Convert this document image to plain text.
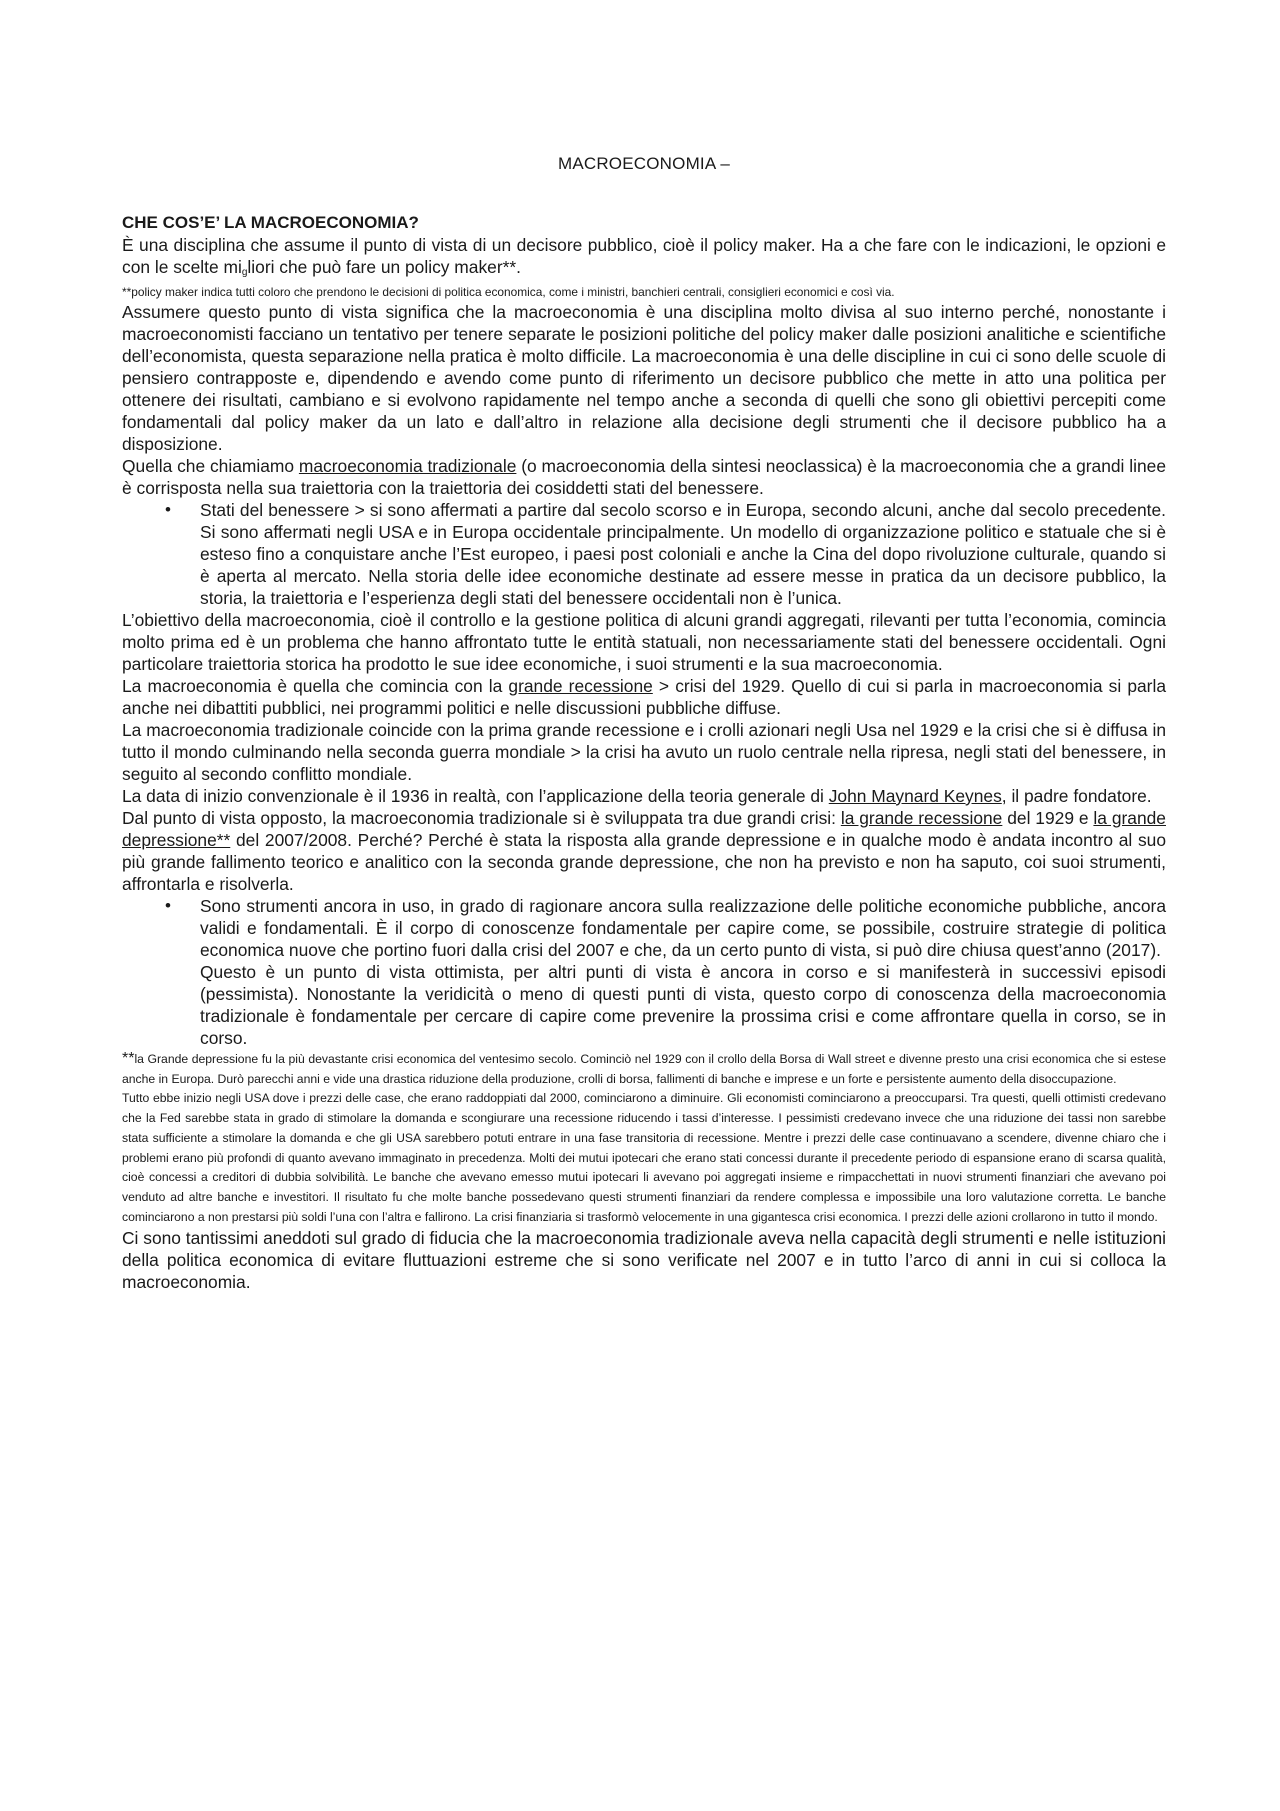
MACROECONOMIA –
CHE COS’E’ LA MACROECONOMIA?

È una disciplina che assume il punto di vista di un decisore pubblico, cioè il policy maker. Ha a che fare con le indicazioni, le opzioni e con le scelte $mi_gliori$ che può fare un policy maker**.

**policy maker indica tutti coloro che prendono le decisioni di politica economica, come i ministri, banchieri centrali, consiglieri economici e così via.

Assumere questo punto di vista significa che la macroeconomia è una disciplina molto divisa al suo interno perché, nonostante i macroeconomisti facciano un tentativo per tenere separate le posizioni politiche del policy maker dalle posizioni analitiche e scientifiche dell’economista, questa separazione nella pratica è molto difficile. La macroeconomia è una delle discipline in cui ci sono delle scuole di pensiero contrapposte e, dipendendo e avendo come punto di riferimento un decisore pubblico che mette in atto una politica per ottenere dei risultati, cambiano e si evolvono rapidamente nel tempo anche a seconda di quelli che sono gli obiettivi percepiti come fondamentali dal policy maker da un lato e dall’altro in relazione alla decisione degli strumenti che il decisore pubblico ha a disposizione.

Quella che chiamiamo macroeconomia tradizionale (o macroeconomia della sintesi neoclassica) è la macroeconomia che a grandi linee è corrisposta nella sua traiettoria con la traiettoria dei cosiddetti stati del benessere.

• Stati del benessere > si sono affermati a partire dal secolo scorso e in Europa, secondo alcuni, anche dal secolo precedente. Si sono affermati negli USA e in Europa occidentale principalmente. Un modello di organizzazione politico e statuale che si è esteso fino a conquistare anche l’Est europeo, i paesi post coloniali e anche la Cina del dopo rivoluzione culturale, quando si è aperta al mercato. Nella storia delle idee economiche destinate ad essere messe in pratica da un decisore pubblico, la storia, la traiettoria e l’esperienza degli stati del benessere occidentali non è l’unica.

L’obiettivo della macroeconomia, cioè il controllo e la gestione politica di alcuni grandi aggregati, rilevanti per tutta l’economia, comincia molto prima ed è un problema che hanno affrontato tutte le entità statuali, non necessariamente stati del benessere occidentali. Ogni particolare traiettoria storica ha prodotto le sue idee economiche, i suoi strumenti e la sua macroeconomia.

La macroeconomia è quella che comincia con la grande recessione > crisi del 1929. Quello di cui si parla in macroeconomia si parla anche nei dibattiti pubblici, nei programmi politici e nelle discussioni pubbliche diffuse.

La macroeconomia tradizionale coincide con la prima grande recessione e i crolli azionari negli Usa nel 1929 e la crisi che si è diffusa in tutto il mondo culminando nella seconda guerra mondiale > la crisi ha avuto un ruolo centrale nella ripresa, negli stati del benessere, in seguito al secondo conflitto mondiale.

La data di inizio convenzionale è il 1936 in realtà, con l’applicazione della teoria generale di John Maynard Keynes, il padre fondatore.

Dal punto di vista opposto, la macroeconomia tradizionale si è sviluppata tra due grandi crisi: la grande recessione del 1929 e la grande depressione** del 2007/2008. Perché? Perché è stata la risposta alla grande depressione e in qualche modo è andata incontro al suo più grande fallimento teorico e analitico con la seconda grande depressione, che non ha previsto e non ha saputo, coi suoi strumenti, affrontarla e risolverla.

• Sono strumenti ancora in uso, in grado di ragionare ancora sulla realizzazione delle politiche economiche pubbliche, ancora validi e fondamentali. È il corpo di conoscenze fondamentale per capire come, se possibile, costruire strategie di politica economica nuove che portino fuori dalla crisi del 2007 e che, da un certo punto di vista, si può dire chiusa quest’anno (2017).

Questo è un punto di vista ottimista, per altri punti di vista è ancora in corso e si manifesterà in successivi episodi (pessimista). Nonostante la veridicità o meno di questi punti di vista, questo corpo di conoscenza della macroeconomia tradizionale è fondamentale per cercare di capire come prevenire la prossima crisi e come affrontare quella in corso, se in corso.

**la Grande depressione fu la più devastante crisi economica del ventesimo secolo. Cominciò nel 1929 con il crollo della Borsa di Wall street e divenne presto una crisi economica che si estese anche in Europa. Durò parecchi anni e vide una drastica riduzione della produzione, crolli di borsa, fallimenti di banche e imprese e un forte e persistente aumento della disoccupazione.

Tutto ebbe inizio negli USA dove i prezzi delle case, che erano raddoppiati dal 2000, cominciarono a diminuire. Gli economisti cominciarono a preoccuparsi. Tra questi, quelli ottimisti credevano che la Fed sarebbe stata in grado di stimolare la domanda e scongiurare una recessione riducendo i tassi d’interesse. I pessimisti credevano invece che una riduzione dei tassi non sarebbe stata sufficiente a stimolare la domanda e che gli USA sarebbero potuti entrare in una fase transitoria di recessione. Mentre i prezzi delle case continuavano a scendere, divenne chiaro che i problemi erano più profondi di quanto avevano immaginato in precedenza. Molti dei mutui ipotecari che erano stati concessi durante il precedente periodo di espansione erano di scarsa qualità, cioè concessi a creditori di dubbia solvibilità. Le banche che avevano emesso mutui ipotecari li avevano poi aggregati insieme e rimpacchettati in nuovi strumenti finanziari che avevano poi venduto ad altre banche e investitori. Il risultato fu che molte banche possedevano questi strumenti finanziari da rendere complessa e impossibile una loro valutazione corretta. Le banche cominciarono a non prestarsi più soldi l’una con l’altra e fallirono. La crisi finanziaria si trasformò velocemente in una gigantesca crisi economica. I prezzi delle azioni crollarono in tutto il mondo.

Ci sono tantissimi aneddoti sul grado di fiducia che la macroeconomia tradizionale aveva nella capacità degli strumenti e nelle istituzioni della politica economica di evitare fluttuazioni estreme che si sono verificate nel 2007 e in tutto l’arco di anni in cui si colloca la macroeconomia.
